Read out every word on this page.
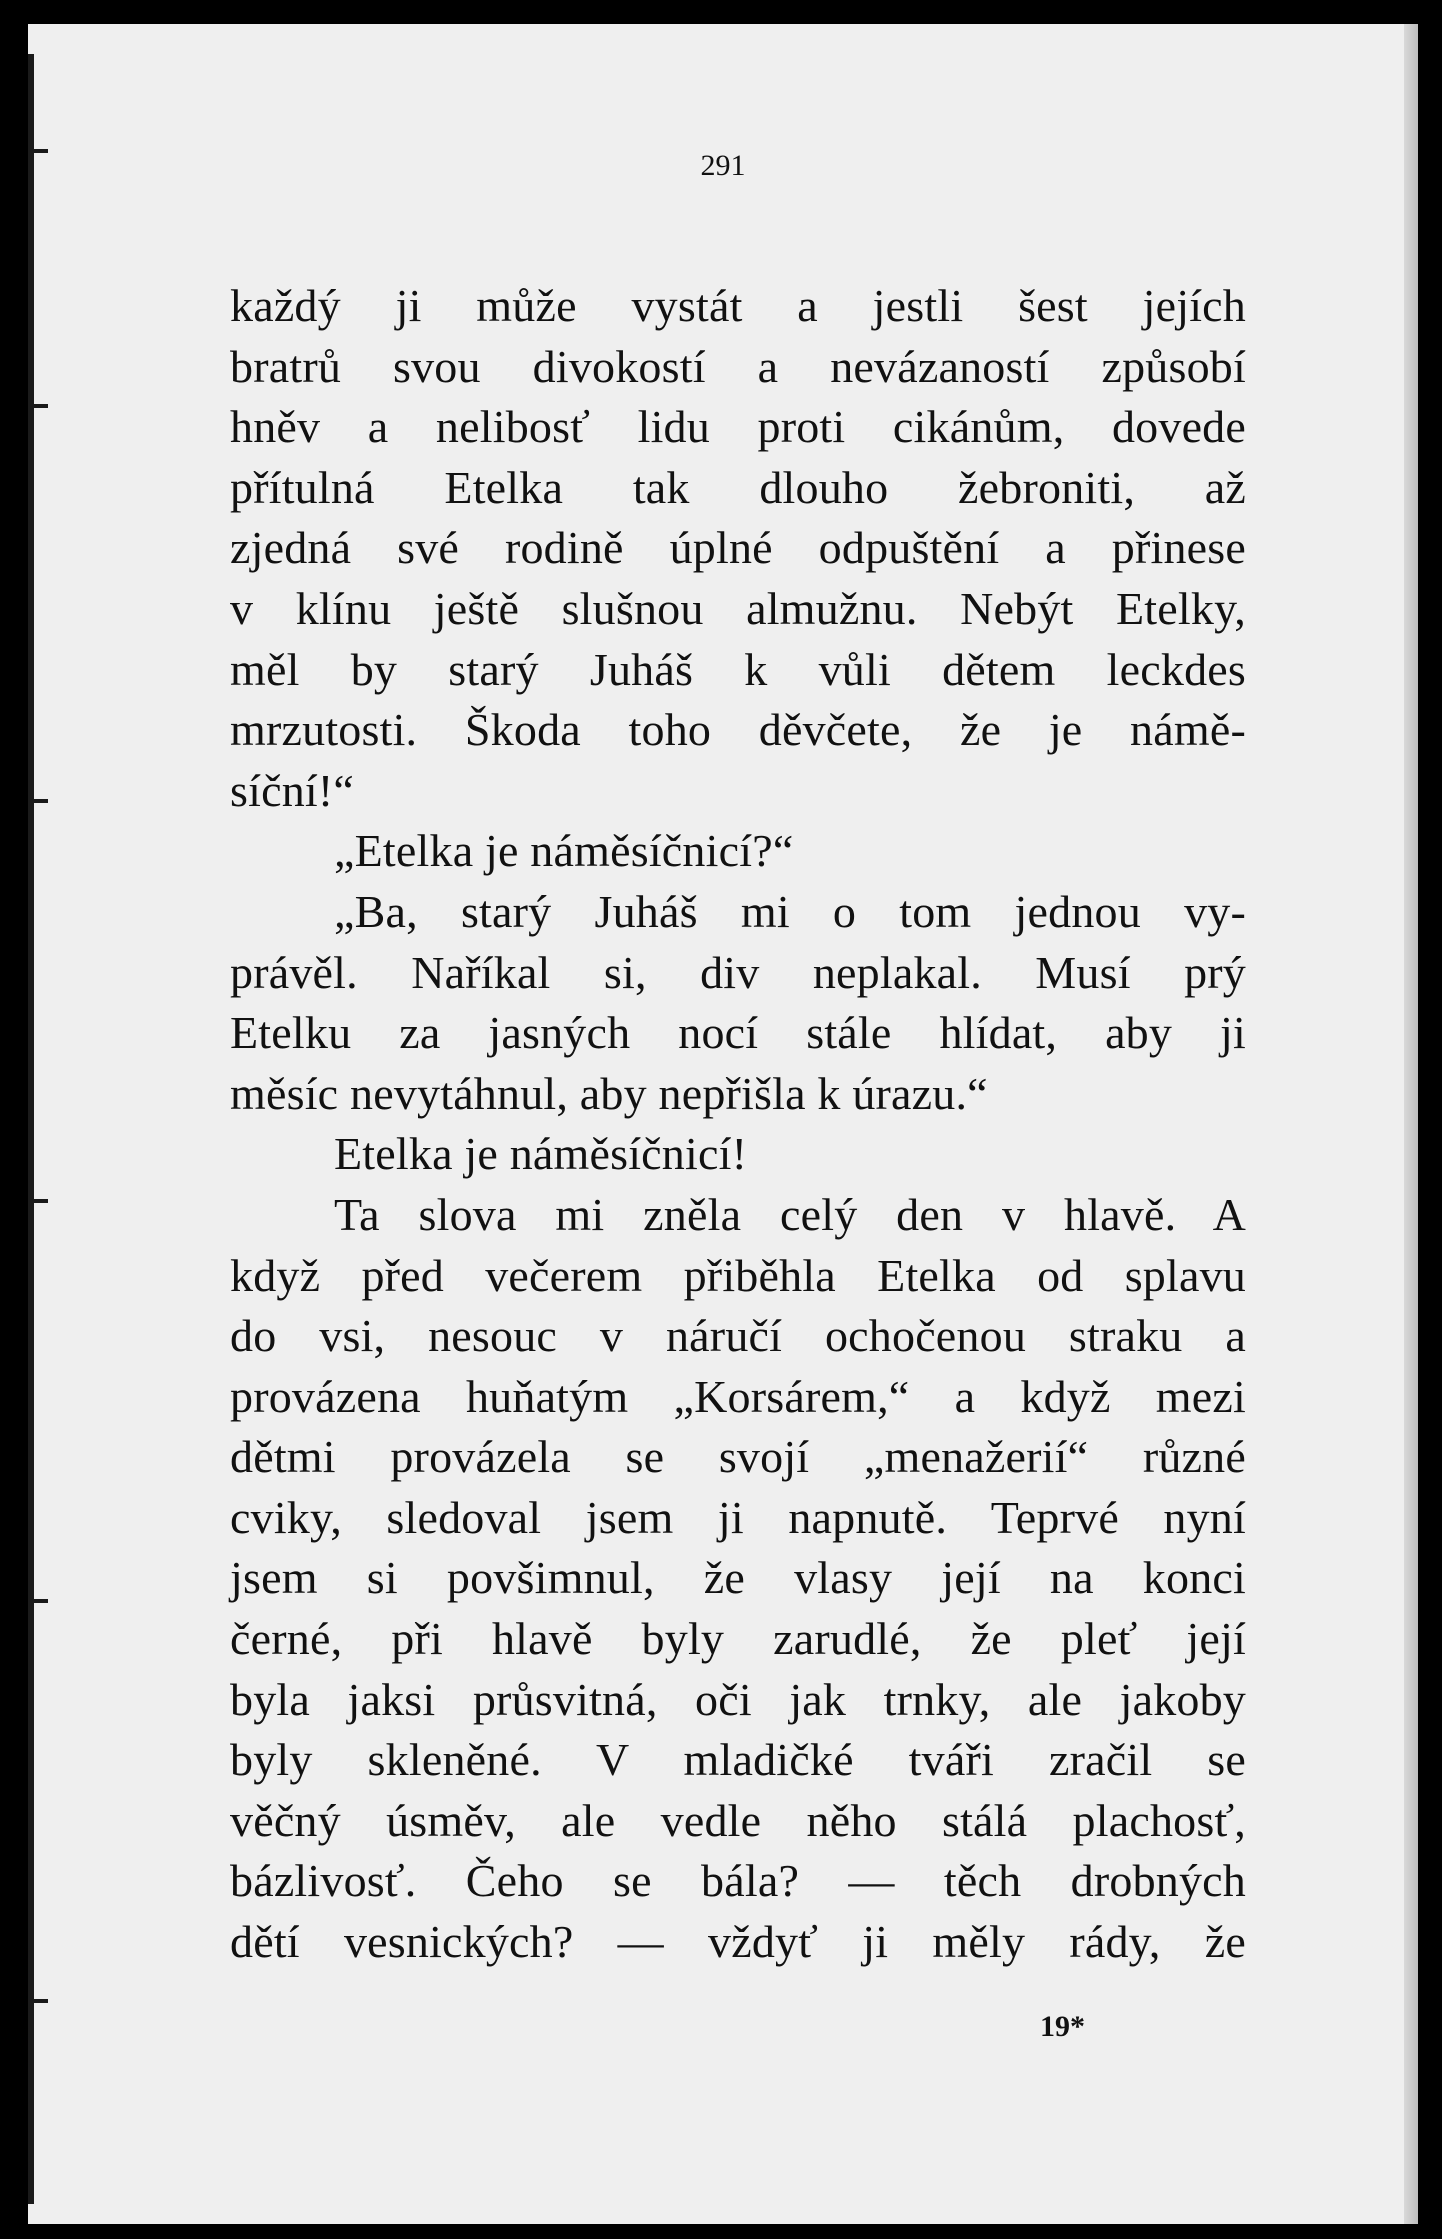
291
každý ji může vystát a jestli šest jejích
bratrů svou divokostí a nevázaností způsobí
hněv a nelibosť lidu proti cikánům, dovede
přítulná Etelka tak dlouho žebroniti, až
zjedná své rodině úplné odpuštění a přinese
v klínu ještě slušnou almužnu. Nebýt Etelky,
měl by starý Juháš k vůli dětem leckdes
mrzutosti. Škoda toho děvčete, že je námě-
síční!“
„Etelka je náměsíčnicí?“
„Ba, starý Juháš mi o tom jednou vy-
právěl. Naříkal si, div neplakal. Musí prý
Etelku za jasných nocí stále hlídat, aby ji
měsíc nevytáhnul, aby nepřišla k úrazu.“
Etelka je náměsíčnicí!
Ta slova mi zněla celý den v hlavě. A
když před večerem přiběhla Etelka od splavu
do vsi, nesouc v náručí ochočenou straku a
provázena huňatým „Korsárem,“ a když mezi
dětmi provázela se svojí „menažerií“ různé
cviky, sledoval jsem ji napnutě. Teprvé nyní
jsem si povšimnul, že vlasy její na konci
černé, při hlavě byly zarudlé, že pleť její
byla jaksi průsvitná, oči jak trnky, ale jakoby
byly skleněné. V mladičké tváři zračil se
věčný úsměv, ale vedle něho stálá plachosť,
bázlivosť. Čeho se bála? — těch drobných
dětí vesnických? — vždyť ji měly rády, že
19*
